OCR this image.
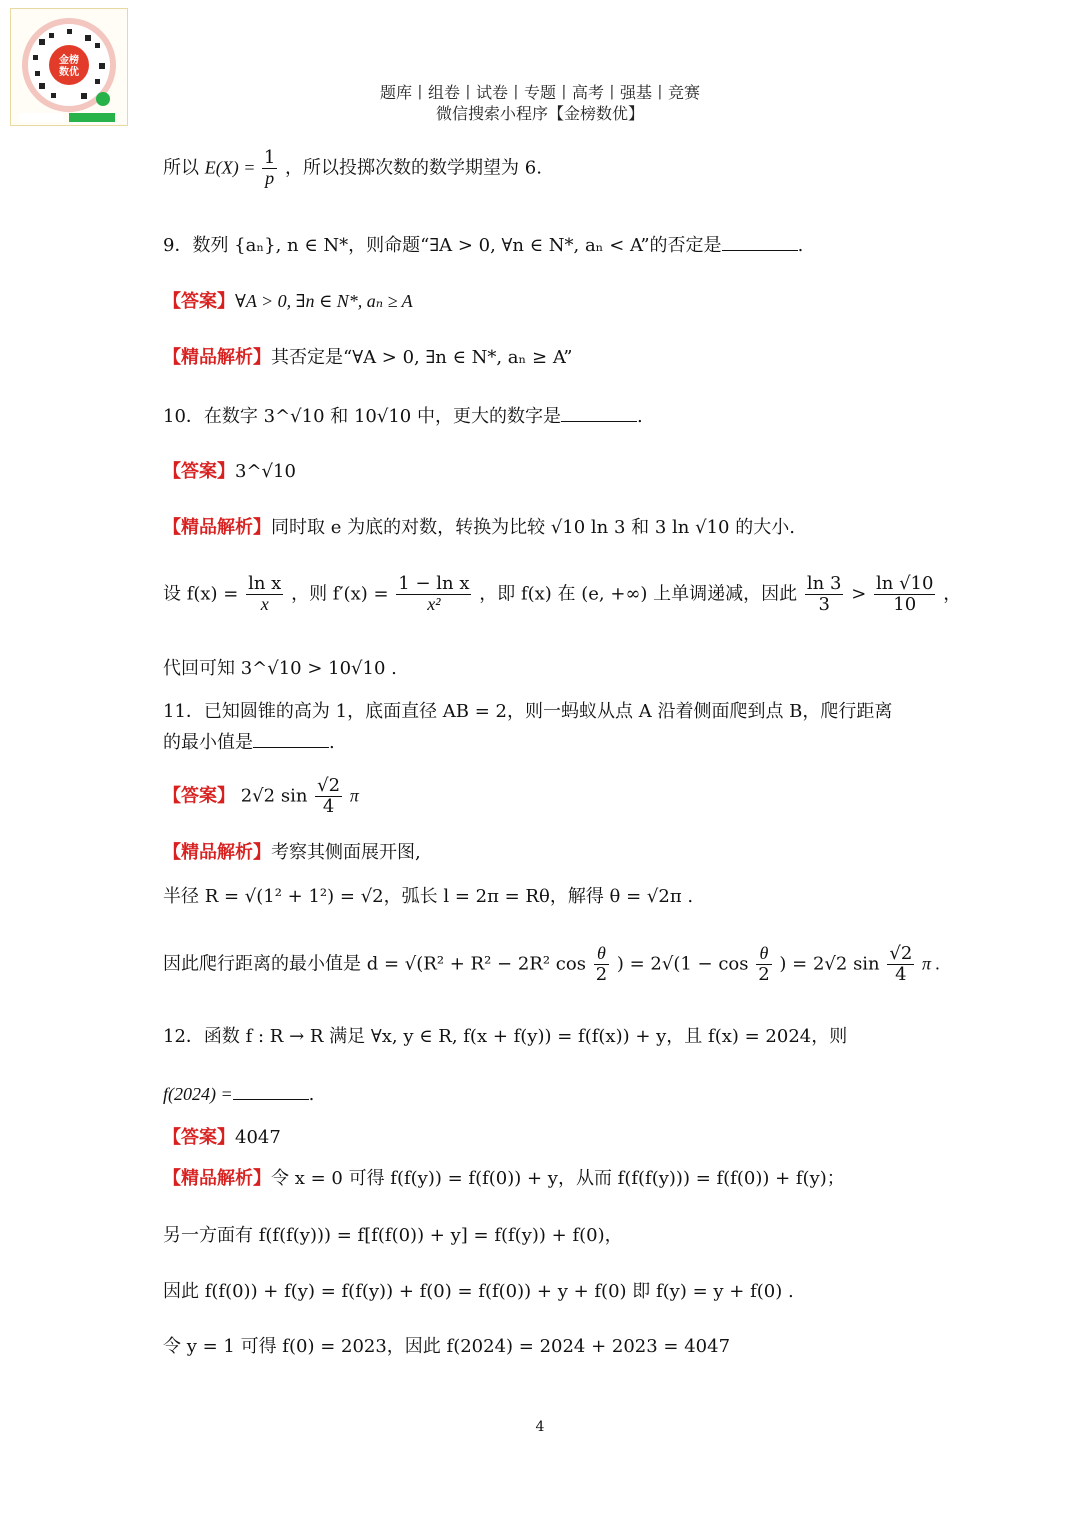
金榜
数优
题库丨组卷丨试卷丨专题丨高考丨强基丨竞赛
微信搜索小程序【金榜数优】
所以 $E(X) = \frac{1}{p}$ ，所以投掷次数的数学期望为 6.
9．数列 {aₙ}, n ∈ N*，则命题“∃A > 0, ∀n ∈ N*, aₙ < A”的否定是	.
【答案】∀A > 0, ∃n ∈ N*, aₙ ≥ A
【精品解析】其否定是“∀A > 0, ∃n ∈ N*, aₙ ≥ A”
10．在数字 3^√10 和 10√10 中，更大的数字是	.
【答案】3^√10
【精品解析】同时取 e 为底的对数，转换为比较 √10 ln 3 和 3 ln √10 的大小.
设 $f(x) = \frac{\text{ln x}}{x}$ ，则 $f'(x) = \frac{\text{1 − ln x}}{\text{x²}}$ ，即 f(x) 在 (e, +∞) 上单调递减，因此 $\frac{\ln 3}{3} > \frac{\ln √10}{10}$ ，
代回可知 3^√10 > 10√10 .
11．已知圆锥的高为 1，底面直径 AB = 2，则一蚂蚁从点 A 沿着侧面爬到点 B，爬行距离
的最小值是	.
【答案】 2√2 $\sin \frac{√2}{4}$ π
【精品解析】考察其侧面展开图,
半径 R = √(1² + 1²) = √2，弧长 l = 2π = Rθ，解得 θ = √2π .
因此爬行距离的最小值是 d = √(R² + R² − 2R² $\cos \frac{\theta}{2}$ ) = $2√(1 - \cos \frac{\theta}{2}$ ) = 2√2 $\sin \frac{√2}{4}$ π .
12．函数 f : R → R 满足 ∀x, y ∈ R, f(x + f(y)) = f(f(x)) + y，且 f(x) = 2024，则
f(2024) =	.
【答案】4047
【精品解析】令 x = 0 可得 f(f(y)) = f(f(0)) + y，从而 f(f(f(y))) = f(f(0)) + f(y)；
另一方面有 f(f(f(y))) = f[f(f(0)) + y] = f(f(y)) + f(0)，
因此 f(f(0)) + f(y) = f(f(y)) + f(0) = f(f(0)) + y + f(0) 即 f(y) = y + f(0) .
令 y = 1 可得 f(0) = 2023，因此 f(2024) = 2024 + 2023 = 4047
4
